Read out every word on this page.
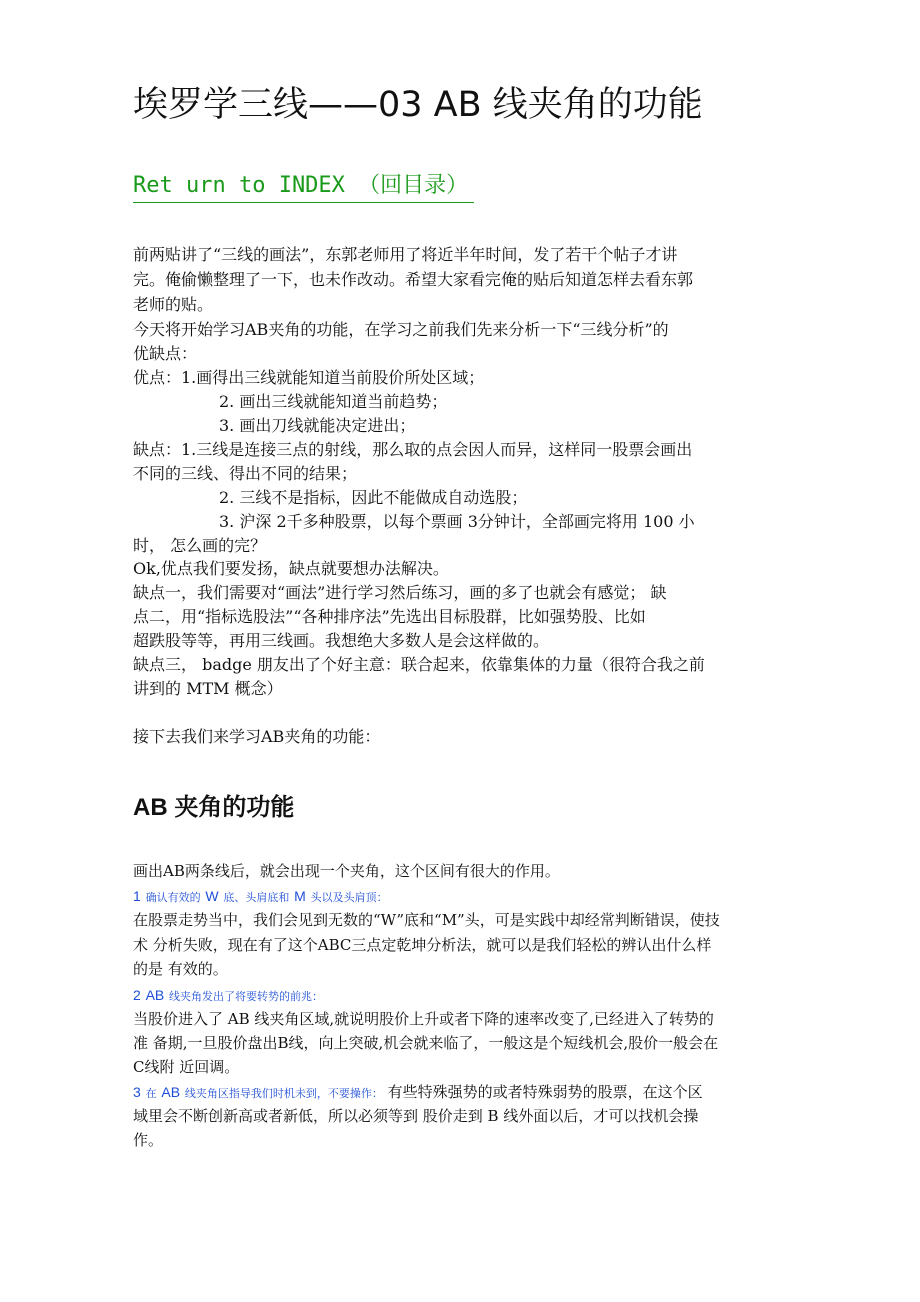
埃罗学三线——03 AB 线夹角的功能
Ret urn to INDEX （回目录）
前两贴讲了“三线的画法”，东郭老师用了将近半年时间，发了若干个帖子才讲
完。俺偷懒整理了一下，也未作改动。希望大家看完俺的贴后知道怎样去看东郭
老师的贴。
今天将开始学习AB夹角的功能，在学习之前我们先来分析一下“三线分析”的
优缺点：
优点：1.画得出三线就能知道当前股价所处区域；
2. 画出三线就能知道当前趋势；
3. 画出刀线就能决定进出；
缺点：1.三线是连接三点的射线，那么取的点会因人而异，这样同一股票会画出
不同的三线、得出不同的结果；
2. 三线不是指标，因此不能做成自动选股；
3. 沪深 2千多种股票，以每个票画 3分钟计，全部画完将用 100 小
时， 怎么画的完？
Ok,优点我们要发扬，缺点就要想办法解决。
缺点一，我们需要对“画法”进行学习然后练习，画的多了也就会有感觉； 缺
点二，用“指标选股法”“各种排序法”先选出目标股群，比如强势股、比如
超跌股等等，再用三线画。我想绝大多数人是会这样做的。
缺点三， badge 朋友出了个好主意：联合起来，依靠集体的力量（很符合我之前
讲到的 MTM 概念）
接下去我们来学习AB夹角的功能：
AB 夹角的功能
画出AB两条线后，就会出现一个夹角，这个区间有很大的作用。
1 确认有效的 W 底、头肩底和 M 头以及头肩顶：
在股票走势当中，我们会见到无数的“W”底和“M”头，可是实践中却经常判断错误，使技
术 分析失败，现在有了这个ABC三点定乾坤分析法，就可以是我们轻松的辨认出什么样
的是 有效的。
2 AB 线夹角发出了将要转势的前兆：
当股价进入了 AB 线夹角区域,就说明股价上升或者下降的速率改变了,已经进入了转势的
准 备期,一旦股价盘出B线，向上突破,机会就来临了，一般这是个短线机会,股价一般会在
C线附 近回调。
3 在 AB 线夹角区指导我们时机未到，不要操作： 有些特殊强势的或者特殊弱势的股票，在这个区
域里会不断创新高或者新低，所以必须等到 股价走到 B 线外面以后，才可以找机会操
作。
